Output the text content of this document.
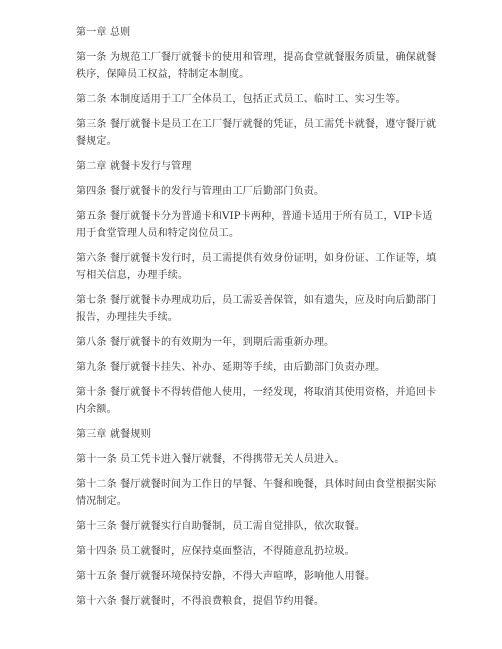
第一章 总则
第一条 为规范工厂餐厅就餐卡的使用和管理，提高食堂就餐服务质量，确保就餐
秩序，保障员工权益，特制定本制度。
第二条 本制度适用于工厂全体员工，包括正式员工、临时工、实习生等。
第三条 餐厅就餐卡是员工在工厂餐厅就餐的凭证，员工需凭卡就餐，遵守餐厅就
餐规定。
第二章 就餐卡发行与管理
第四条 餐厅就餐卡的发行与管理由工厂后勤部门负责。
第五条 餐厅就餐卡分为普通卡和VIP卡两种，普通卡适用于所有员工，VIP卡适
用于食堂管理人员和特定岗位员工。
第六条 餐厅就餐卡发行时，员工需提供有效身份证明，如身份证、工作证等，填
写相关信息，办理手续。
第七条 餐厅就餐卡办理成功后，员工需妥善保管，如有遗失，应及时向后勤部门
报告，办理挂失手续。
第八条 餐厅就餐卡的有效期为一年，到期后需重新办理。
第九条 餐厅就餐卡挂失、补办、延期等手续，由后勤部门负责办理。
第十条 餐厅就餐卡不得转借他人使用，一经发现，将取消其使用资格，并追回卡
内余额。
第三章 就餐规则
第十一条 员工凭卡进入餐厅就餐，不得携带无关人员进入。
第十二条 餐厅就餐时间为工作日的早餐、午餐和晚餐，具体时间由食堂根据实际
情况制定。
第十三条 餐厅就餐实行自助餐制，员工需自觉排队，依次取餐。
第十四条 员工就餐时，应保持桌面整洁，不得随意乱扔垃圾。
第十五条 餐厅就餐环境保持安静，不得大声喧哗，影响他人用餐。
第十六条 餐厅就餐时，不得浪费粮食，提倡节约用餐。
